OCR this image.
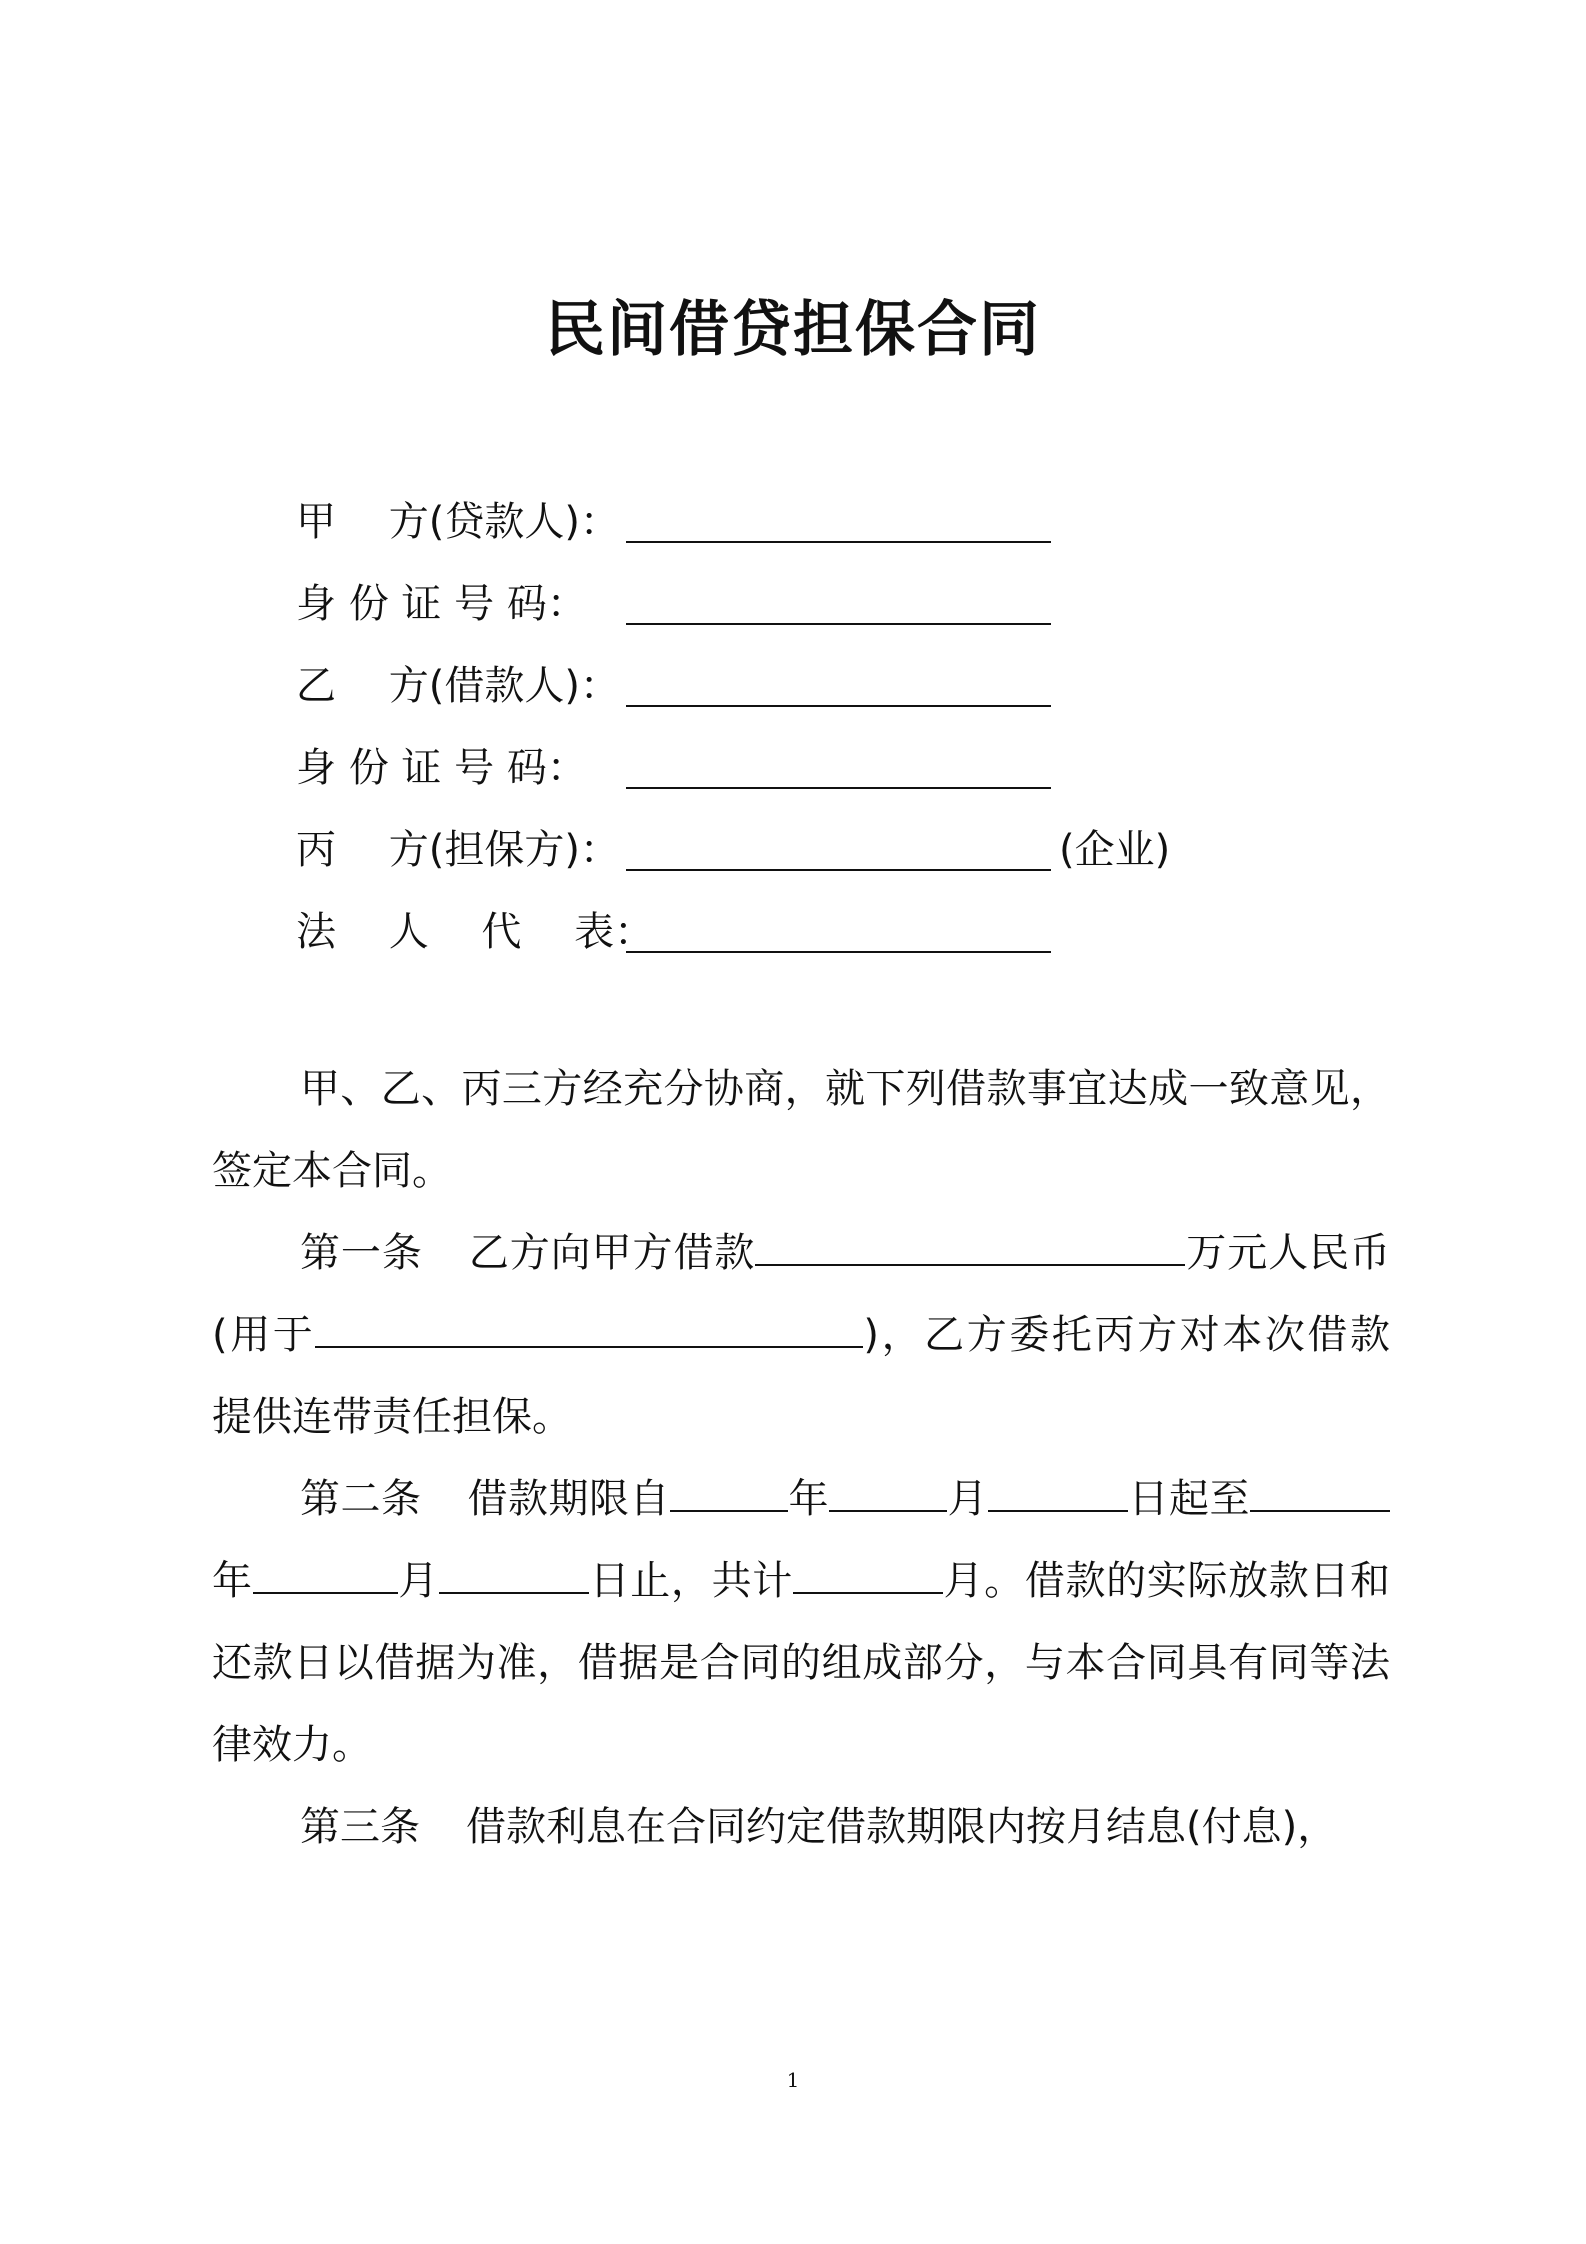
民间借贷担保合同
甲　 方(贷款人)：
身 份 证 号 码：
乙　 方(借款人)：
身 份 证 号 码：
丙　 方(担保方)：	(企业)
法　 人　 代　 表：

甲、乙、丙三方经充分协商，就下列借款事宜达成一致意见，签定本合同。

第一条 乙方向甲方借款	万元人民币(用于	)，乙方委托丙方对本次借款提供连带责任担保。

第二条 借款期限自	年	月	日起至年	月	日止，共计	月。借款的实际放款日和还款日以借据为准，借据是合同的组成部分，与本合同具有同等法律效力。

第三条 借款利息在合同约定借款期限内按月结息(付息)，

1
